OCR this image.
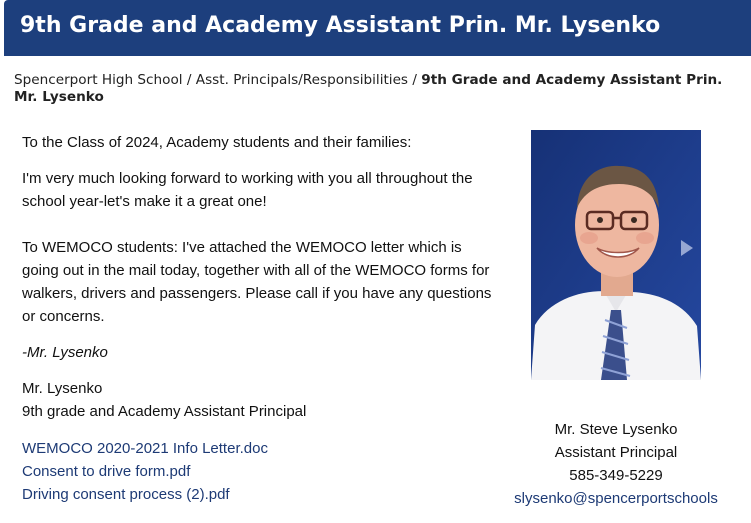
9th Grade and Academy Assistant Prin. Mr. Lysenko
Spencerport High School / Asst. Principals/Responsibilities / 9th Grade and Academy Assistant Prin. Mr. Lysenko

To the Class of 2024, Academy students and their families:

I'm very much looking forward to working with you all throughout the school year-let's make it a great one!

To WEMOCO students: I've attached the WEMOCO letter which is going out in the mail today, together with all of the WEMOCO forms for walkers, drivers and passengers. Please call if you have any questions or concerns.

-Mr. Lysenko

Mr. Lysenko
9th grade and Academy Assistant Principal

WEMOCO 2020-2021 Info Letter.doc
Consent to drive form.pdf
Driving consent process (2).pdf
Mr. Steve Lysenko
Assistant Principal
585-349-5229
slysenko@spencerportschools
